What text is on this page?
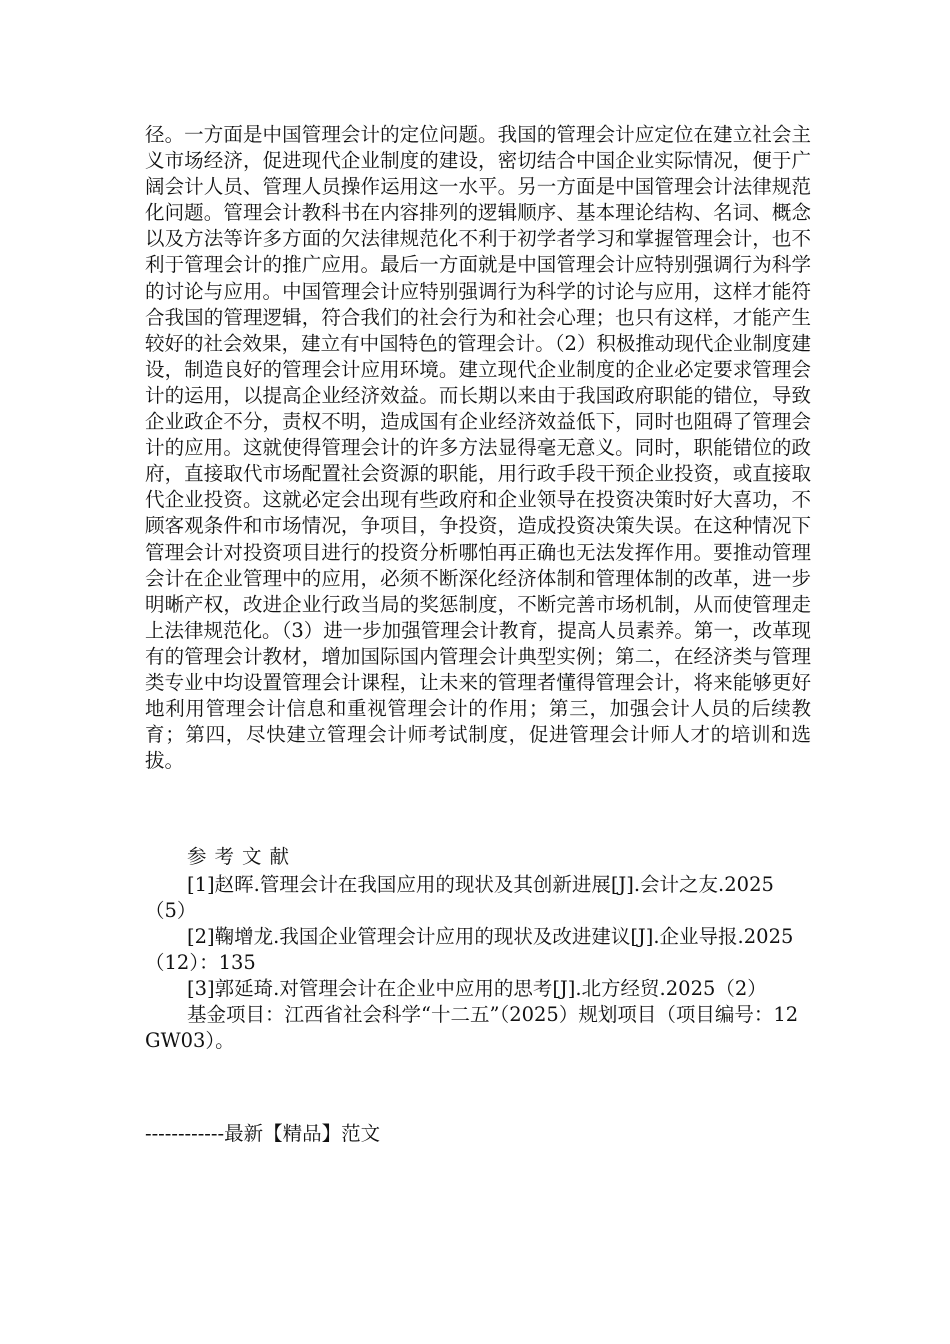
径。一方面是中国管理会计的定位问题。我国的管理会计应定位在建立社会主义市场经济，促进现代企业制度的建设，密切结合中国企业实际情况，便于广阔会计人员、管理人员操作运用这一水平。另一方面是中国管理会计法律规范化问题。管理会计教科书在内容排列的逻辑顺序、基本理论结构、名词、概念以及方法等许多方面的欠法律规范化不利于初学者学习和掌握管理会计，也不利于管理会计的推广应用。最后一方面就是中国管理会计应特别强调行为科学的讨论与应用。中国管理会计应特别强调行为科学的讨论与应用，这样才能符合我国的管理逻辑，符合我们的社会行为和社会心理；也只有这样，才能产生较好的社会效果，建立有中国特色的管理会计。（2）积极推动现代企业制度建设，制造良好的管理会计应用环境。建立现代企业制度的企业必定要求管理会计的运用，以提高企业经济效益。而长期以来由于我国政府职能的错位，导致企业政企不分，责权不明，造成国有企业经济效益低下，同时也阻碍了管理会计的应用。这就使得管理会计的许多方法显得毫无意义。同时，职能错位的政府，直接取代市场配置社会资源的职能，用行政手段干预企业投资，或直接取代企业投资。这就必定会出现有些政府和企业领导在投资决策时好大喜功，不顾客观条件和市场情况，争项目，争投资，造成投资决策失误。在这种情况下管理会计对投资项目进行的投资分析哪怕再正确也无法发挥作用。要推动管理会计在企业管理中的应用，必须不断深化经济体制和管理体制的改革，进一步明晰产权，改进企业行政当局的奖惩制度，不断完善市场机制，从而使管理走上法律规范化。（3）进一步加强管理会计教育，提高人员素养。第一，改革现有的管理会计教材，增加国际国内管理会计典型实例；第二，在经济类与管理类专业中均设置管理会计课程，让未来的管理者懂得管理会计，将来能够更好地利用管理会计信息和重视管理会计的作用；第三，加强会计人员的后续教育；第四，尽快建立管理会计师考试制度，促进管理会计师人才的培训和选拔。

参考文献

[1]赵晖.管理会计在我国应用的现状及其创新进展[J].会计之友.2025（5）

[2]鞠增龙.我国企业管理会计应用的现状及改进建议[J].企业导报.2025（12）：135

[3]郭延琦.对管理会计在企业中应用的思考[J].北方经贸.2025（2）

基金项目：江西省社会科学“十二五”（2025）规划项目（项目编号：12GW03）。

------------最新【精品】范文
